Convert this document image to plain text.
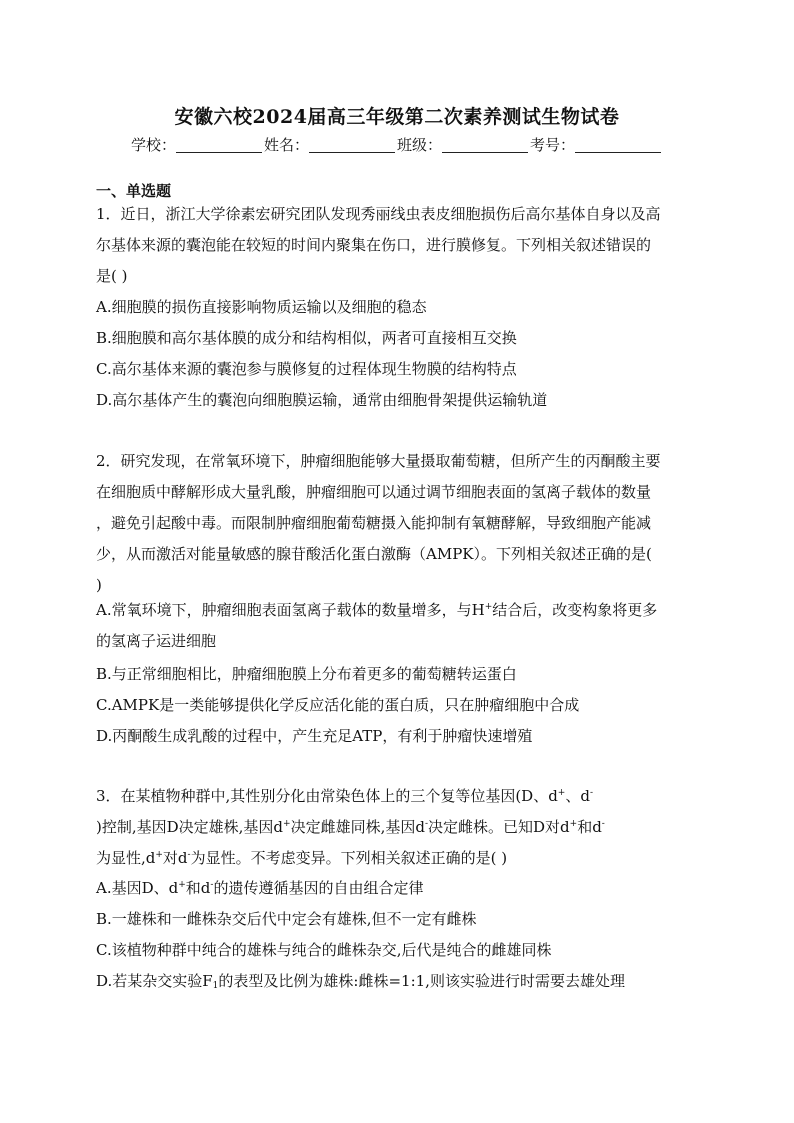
安徽六校2024届高三年级第二次素养测试生物试卷
学校：	姓名：	班级：	考号：
一、单选题
1．近日，浙江大学徐素宏研究团队发现秀丽线虫表皮细胞损伤后高尔基体自身以及高
尔基体来源的囊泡能在较短的时间内聚集在伤口，进行膜修复。下列相关叙述错误的
是( )
A.细胞膜的损伤直接影响物质运输以及细胞的稳态
B.细胞膜和高尔基体膜的成分和结构相似，两者可直接相互交换
C.高尔基体来源的囊泡参与膜修复的过程体现生物膜的结构特点
D.高尔基体产生的囊泡向细胞膜运输，通常由细胞骨架提供运输轨道
2．研究发现，在常氧环境下，肿瘤细胞能够大量摄取葡萄糖，但所产生的丙酮酸主要
在细胞质中酵解形成大量乳酸，肿瘤细胞可以通过调节细胞表面的氢离子载体的数量
，避免引起酸中毒。而限制肿瘤细胞葡萄糖摄入能抑制有氧糖酵解，导致细胞产能减
少，从而激活对能量敏感的腺苷酸活化蛋白激酶（AMPK）。下列相关叙述正确的是(
)
A.常氧环境下，肿瘤细胞表面氢离子载体的数量增多，与H+结合后，改变构象将更多
的氢离子运进细胞
B.与正常细胞相比，肿瘤细胞膜上分布着更多的葡萄糖转运蛋白
C.AMPK是一类能够提供化学反应活化能的蛋白质，只在肿瘤细胞中合成
D.丙酮酸生成乳酸的过程中，产生充足ATP，有利于肿瘤快速增殖
3．在某植物种群中,其性别分化由常染色体上的三个复等位基因(D、d+、d-
)控制,基因D决定雄株,基因d+决定雌雄同株,基因d-决定雌株。已知D对d+和d-
为显性,d+对d-为显性。不考虑变异。下列相关叙述正确的是( )
A.基因D、d+和d-的遗传遵循基因的自由组合定律
B.一雄株和一雌株杂交后代中定会有雄株,但不一定有雌株
C.该植物种群中纯合的雄株与纯合的雌株杂交,后代是纯合的雌雄同株
D.若某杂交实验$F_1$的表型及比例为雄株:雌株=1:1,则该实验进行时需要去雄处理
